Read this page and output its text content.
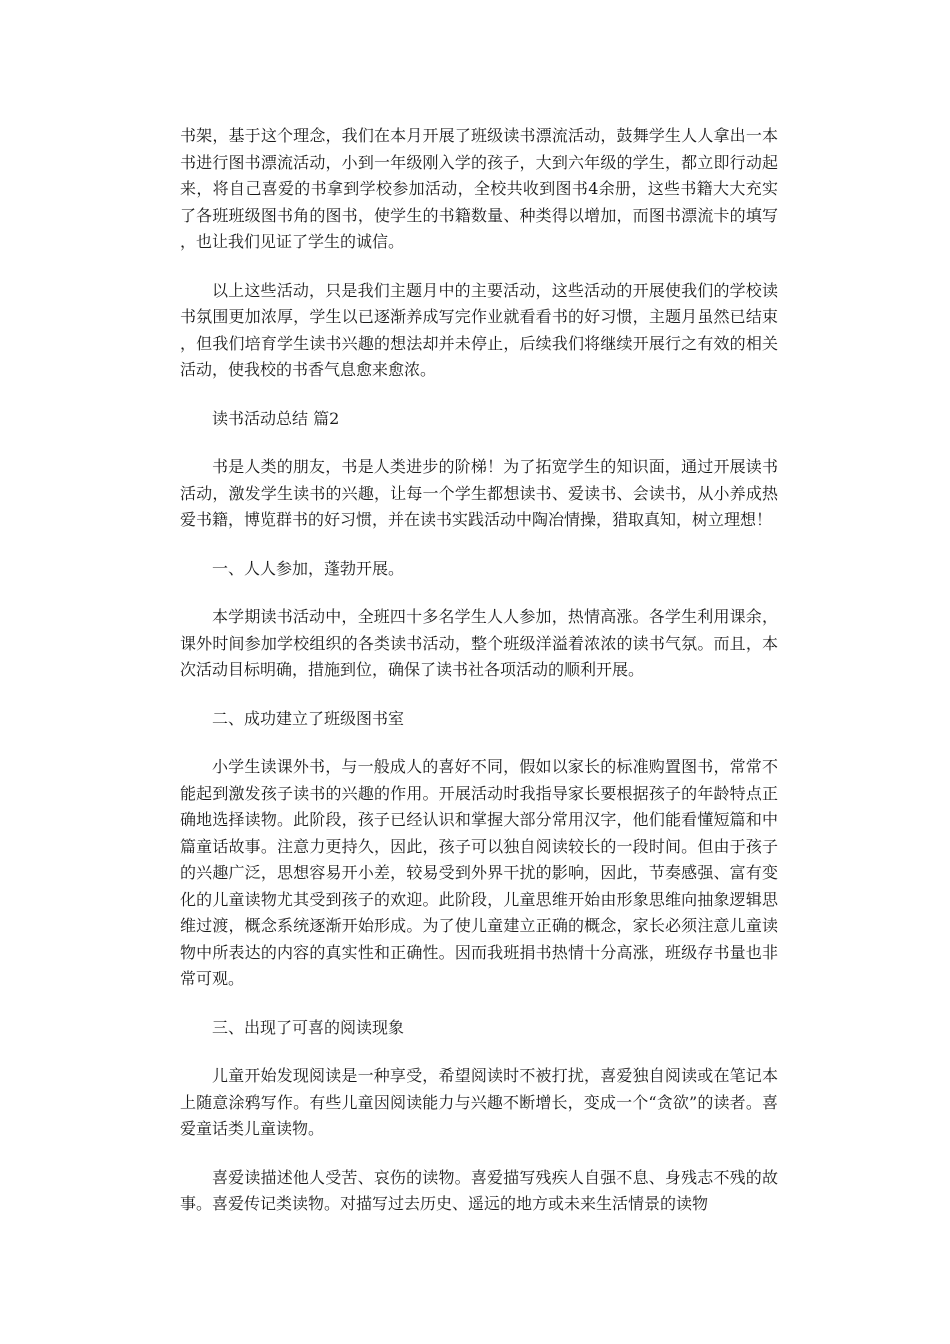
书架，基于这个理念，我们在本月开展了班级读书漂流活动，鼓舞学生人人拿出一本书进行图书漂流活动，小到一年级刚入学的孩子，大到六年级的学生，都立即行动起来，将自己喜爱的书拿到学校参加活动，全校共收到图书4余册，这些书籍大大充实了各班班级图书角的图书，使学生的书籍数量、种类得以增加，而图书漂流卡的填写，也让我们见证了学生的诚信。

以上这些活动，只是我们主题月中的主要活动，这些活动的开展使我们的学校读书氛围更加浓厚，学生以已逐渐养成写完作业就看看书的好习惯，主题月虽然已结束，但我们培育学生读书兴趣的想法却并未停止，后续我们将继续开展行之有效的相关活动，使我校的书香气息愈来愈浓。

读书活动总结 篇2

书是人类的朋友，书是人类进步的阶梯！为了拓宽学生的知识面，通过开展读书活动，激发学生读书的兴趣，让每一个学生都想读书、爱读书、会读书，从小养成热爱书籍，博览群书的好习惯，并在读书实践活动中陶冶情操，猎取真知，树立理想！

一、人人参加，蓬勃开展。

本学期读书活动中，全班四十多名学生人人参加，热情高涨。各学生利用课余，课外时间参加学校组织的各类读书活动，整个班级洋溢着浓浓的读书气氛。而且，本次活动目标明确，措施到位，确保了读书社各项活动的顺利开展。

二、成功建立了班级图书室

小学生读课外书，与一般成人的喜好不同，假如以家长的标准购置图书，常常不能起到激发孩子读书的兴趣的作用。开展活动时我指导家长要根据孩子的年龄特点正确地选择读物。此阶段，孩子已经认识和掌握大部分常用汉字，他们能看懂短篇和中篇童话故事。注意力更持久，因此，孩子可以独自阅读较长的一段时间。但由于孩子的兴趣广泛，思想容易开小差，较易受到外界干扰的影响，因此，节奏感强、富有变化的儿童读物尤其受到孩子的欢迎。此阶段，儿童思维开始由形象思维向抽象逻辑思维过渡，概念系统逐渐开始形成。为了使儿童建立正确的概念，家长必须注意儿童读物中所表达的内容的真实性和正确性。因而我班捐书热情十分高涨，班级存书量也非常可观。

三、出现了可喜的阅读现象

儿童开始发现阅读是一种享受，希望阅读时不被打扰，喜爱独自阅读或在笔记本上随意涂鸦写作。有些儿童因阅读能力与兴趣不断增长，变成一个“贪欲”的读者。喜爱童话类儿童读物。

喜爱读描述他人受苦、哀伤的读物。喜爱描写残疾人自强不息、身残志不残的故事。喜爱传记类读物。对描写过去历史、遥远的地方或未来生活情景的读物
